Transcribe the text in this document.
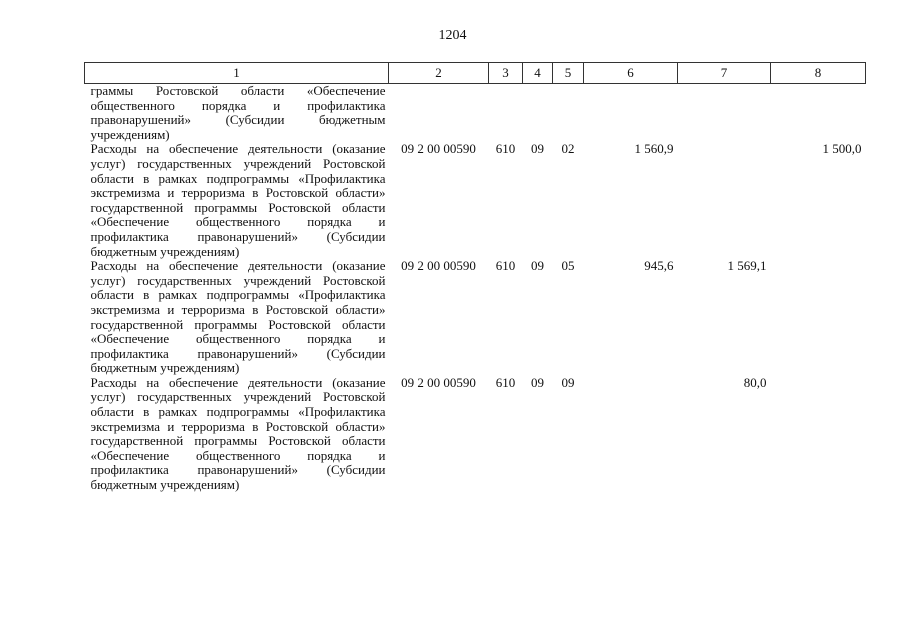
1204
1	2	3	4	5	6	7	8
граммы Ростовской области «Обеспечение общественного порядка и профилактика правонарушений» (Субсидии бюджетным учреждениям)							
Расходы на обеспечение деятельности (оказание услуг) государственных учреждений Ростовской области в рамках подпрограммы «Профилактика экстремизма и терроризма в Ростовской области» государственной программы Ростовской области «Обеспечение общественного порядка и профилактика правонарушений» (Субсидии бюджетным учреждениям)	09 2 00 00590	610	09	02	1 560,9		1 500,0
Расходы на обеспечение деятельности (оказание услуг) государственных учреждений Ростовской области в рамках подпрограммы «Профилактика экстремизма и терроризма в Ростовской области» государственной программы Ростовской области «Обеспечение общественного порядка и профилактика правонарушений» (Субсидии бюджетным учреждениям)	09 2 00 00590	610	09	05	945,6	1 569,1	
Расходы на обеспечение деятельности (оказание услуг) государственных учреждений Ростовской области в рамках подпрограммы «Профилактика экстремизма и терроризма в Ростовской области» государственной программы Ростовской области «Обеспечение общественного порядка и профилактика правонарушений» (Субсидии бюджетным учреждениям)	09 2 00 00590	610	09	09		80,0	
